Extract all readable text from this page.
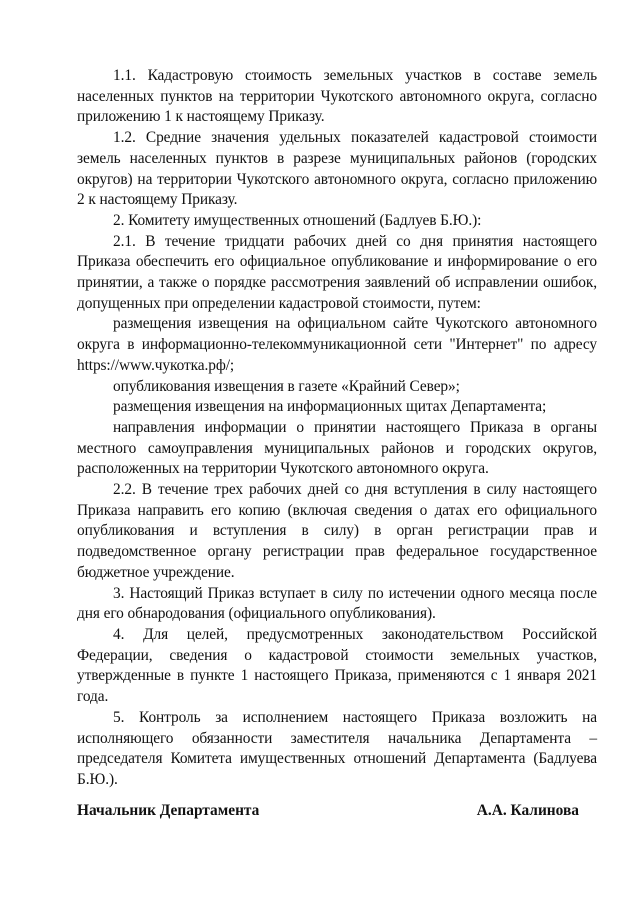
1.1. Кадастровую стоимость земельных участков в составе земель населенных пунктов на территории Чукотского автономного округа, согласно приложению 1 к настоящему Приказу.

1.2. Средние значения удельных показателей кадастровой стоимости земель населенных пунктов в разрезе муниципальных районов (городских округов) на территории Чукотского автономного округа, согласно приложению 2 к настоящему Приказу.

2. Комитету имущественных отношений (Бадлуев Б.Ю.):

2.1. В течение тридцати рабочих дней со дня принятия настоящего Приказа обеспечить его официальное опубликование и информирование о его принятии, а также о порядке рассмотрения заявлений об исправлении ошибок, допущенных при определении кадастровой стоимости, путем:

размещения извещения на официальном сайте Чукотского автономного округа в информационно-телекоммуникационной сети "Интернет" по адресу https://www.чукотка.рф/;

опубликования извещения в газете «Крайний Север»;

размещения извещения на информационных щитах Департамента;

направления информации о принятии настоящего Приказа в органы местного самоуправления муниципальных районов и городских округов, расположенных на территории Чукотского автономного округа.

2.2. В течение трех рабочих дней со дня вступления в силу настоящего Приказа направить его копию (включая сведения о датах его официального опубликования и вступления в силу) в орган регистрации прав и подведомственное органу регистрации прав федеральное государственное бюджетное учреждение.

3. Настоящий Приказ вступает в силу по истечении одного месяца после дня его обнародования (официального опубликования).

4. Для целей, предусмотренных законодательством Российской Федерации, сведения о кадастровой стоимости земельных участков, утвержденные в пункте 1 настоящего Приказа, применяются с 1 января 2021 года.

5. Контроль за исполнением настоящего Приказа возложить на исполняющего обязанности заместителя начальника Департамента – председателя Комитета имущественных отношений Департамента (Бадлуева Б.Ю.).

Начальник Департамента	А.А. Калинова
